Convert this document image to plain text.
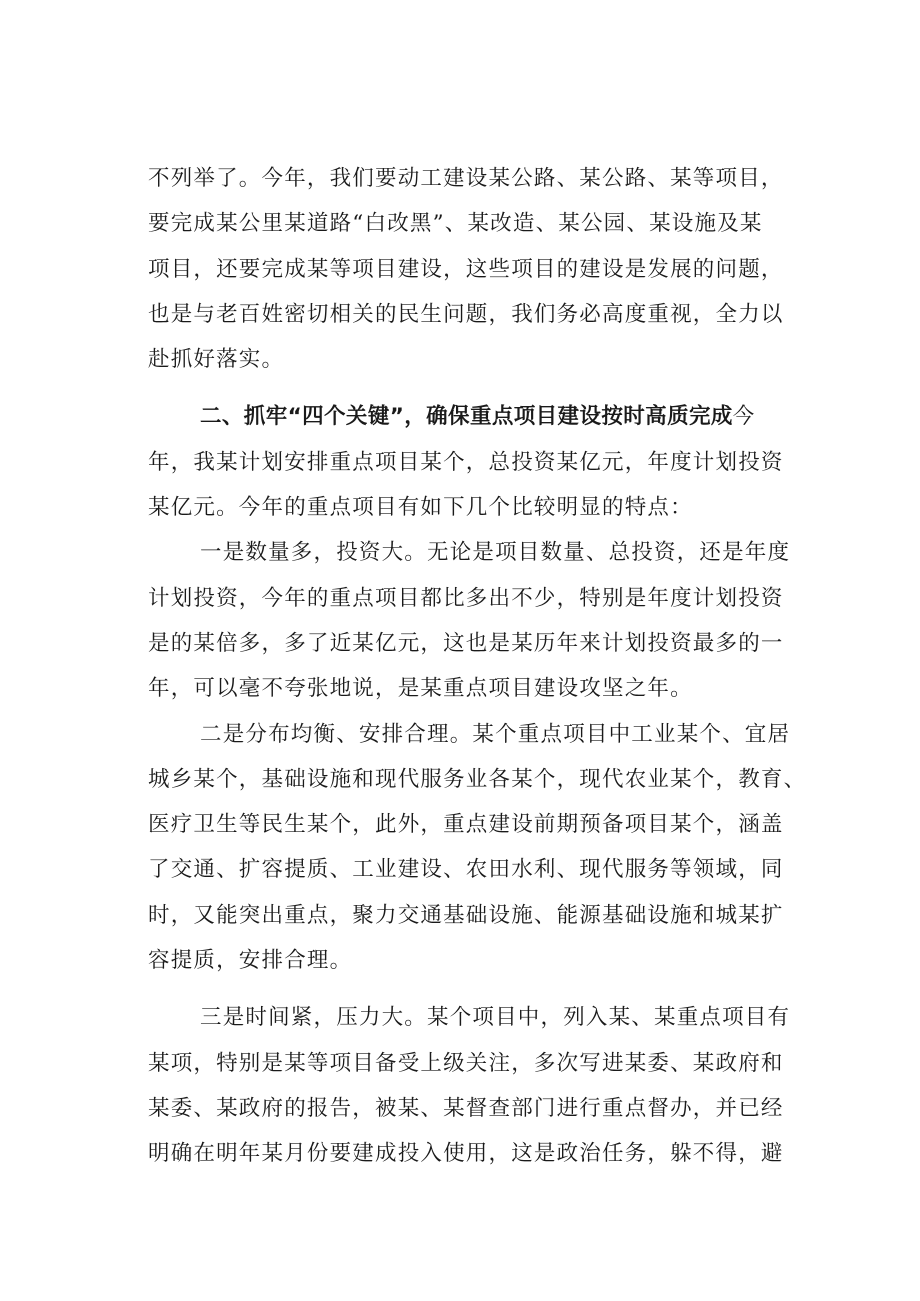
不列举了。今年，我们要动工建设某公路、某公路、某等项目，
要完成某公里某道路“白改黑”、某改造、某公园、某设施及某
项目，还要完成某等项目建设，这些项目的建设是发展的问题，
也是与老百姓密切相关的民生问题，我们务必高度重视，全力以
赴抓好落实。
二、抓牢“四个关键”，确保重点项目建设按时高质完成今
年，我某计划安排重点项目某个，总投资某亿元，年度计划投资
某亿元。今年的重点项目有如下几个比较明显的特点：
一是数量多，投资大。无论是项目数量、总投资，还是年度
计划投资，今年的重点项目都比多出不少，特别是年度计划投资
是的某倍多，多了近某亿元，这也是某历年来计划投资最多的一
年，可以毫不夸张地说，是某重点项目建设攻坚之年。
二是分布均衡、安排合理。某个重点项目中工业某个、宜居
城乡某个，基础设施和现代服务业各某个，现代农业某个，教育、
医疗卫生等民生某个，此外，重点建设前期预备项目某个，涵盖
了交通、扩容提质、工业建设、农田水利、现代服务等领域，同
时，又能突出重点，聚力交通基础设施、能源基础设施和城某扩
容提质，安排合理。
三是时间紧，压力大。某个项目中，列入某、某重点项目有
某项，特别是某等项目备受上级关注，多次写进某委、某政府和
某委、某政府的报告，被某、某督查部门进行重点督办，并已经
明确在明年某月份要建成投入使用，这是政治任务，躲不得，避
